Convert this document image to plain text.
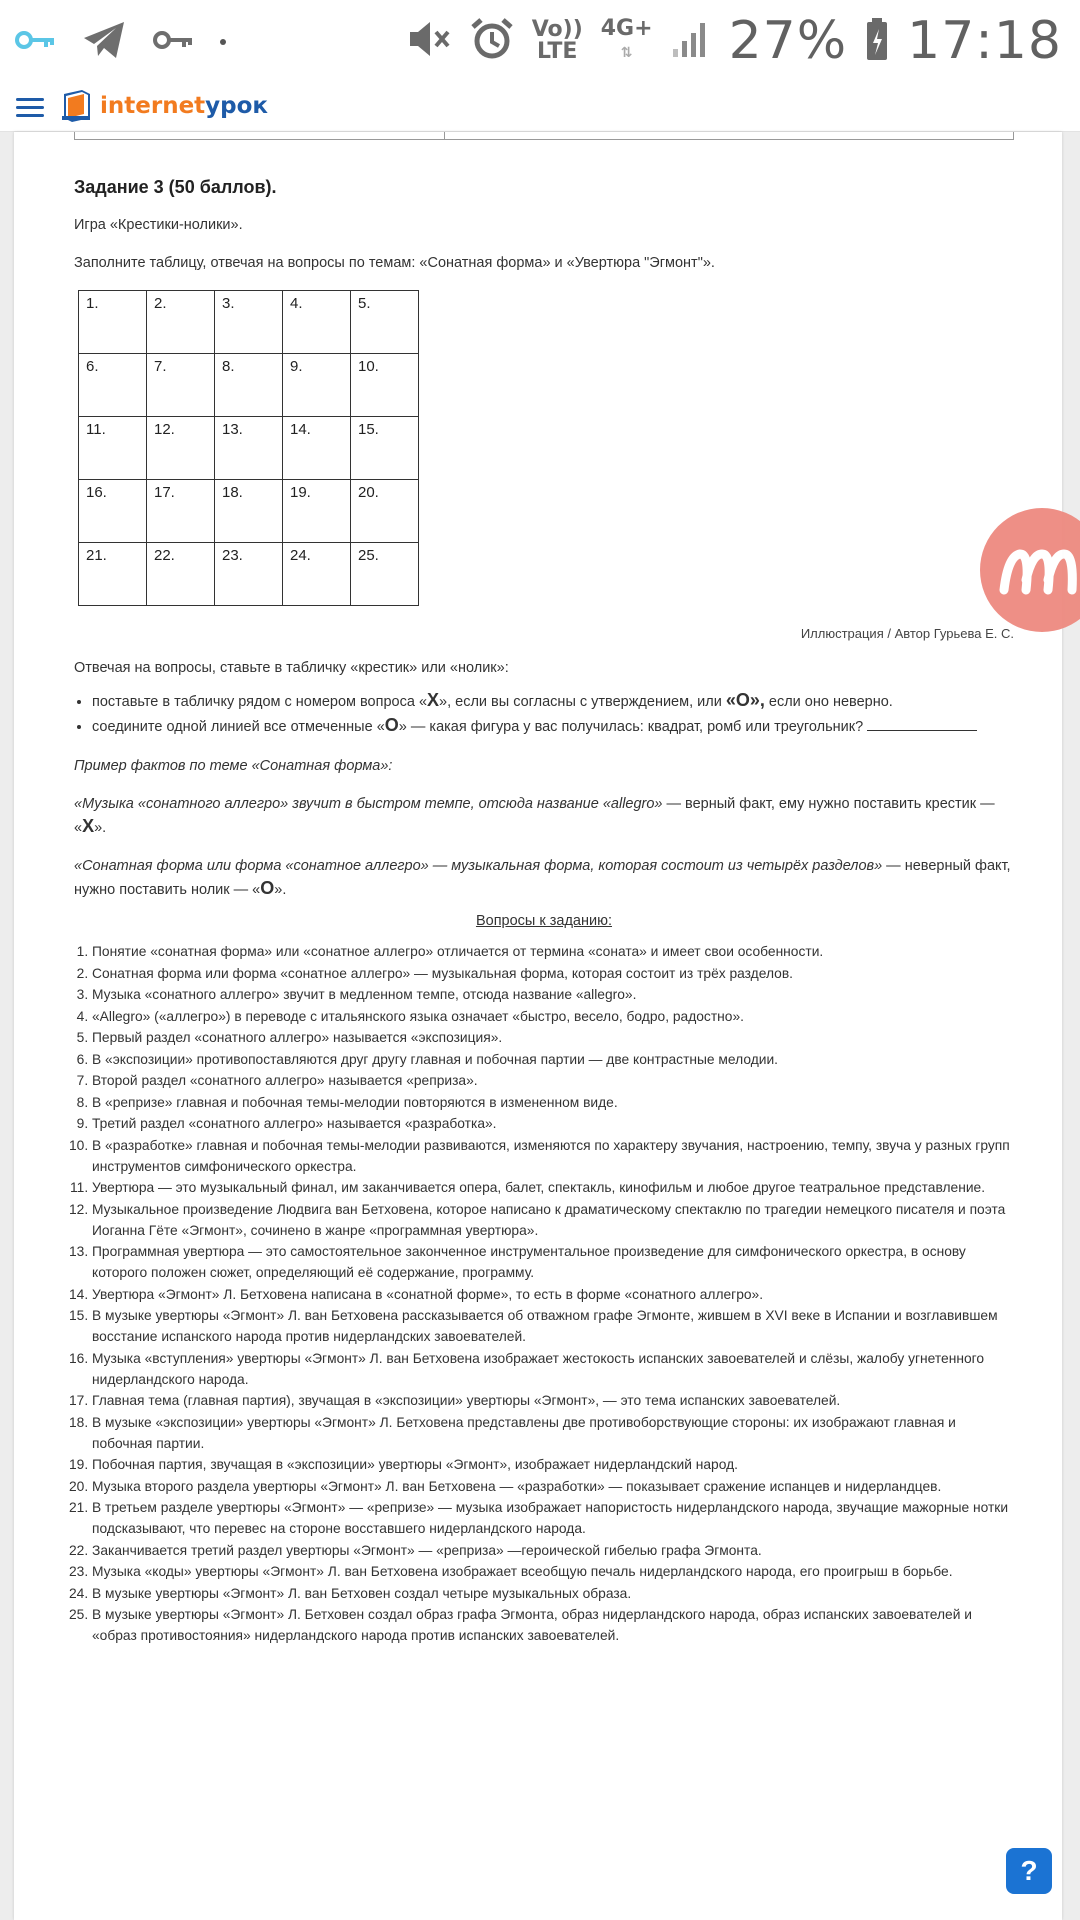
Vo))
LTE
4G+
⇅	27% 17:18
internetурок
Задание 3 (50 баллов).
Игра «Крестики-нолики».
Заполните таблицу, отвечая на вопросы по темам: «Сонатная форма» и «Увертюра "Эгмонт"».
1.	2.	3.	4.	5.
6.	7.	8.	9.	10.
11.	12.	13.	14.	15.
16.	17.	18.	19.	20.
21.	22.	23.	24.	25.
Иллюстрация / Автор Гурьева Е. С.
Отвечая на вопросы, ставьте в табличку «крестик» или «нолик»:
• поставьте в табличку рядом с номером вопроса «Х», если вы согласны с утверждением, или «О», если оно неверно.
• соедините одной линией все отмеченные «О» — какая фигура у вас получилась: квадрат, ромб или треугольник?
Пример фактов по теме «Сонатная форма»:
«Музыка «сонатного аллегро» звучит в быстром темпе, отсюда название «allegro» — верный факт, ему нужно поставить крестик — «Х».
«Сонатная форма или форма «сонатное аллегро» — музыкальная форма, которая состоит из четырёх разделов» — неверный факт, нужно поставить нолик — «О».
Вопросы к заданию:
1. Понятие «сонатная форма» или «сонатное аллегро» отличается от термина «соната» и имеет свои особенности.
2. Сонатная форма или форма «сонатное аллегро» — музыкальная форма, которая состоит из трёх разделов.
3. Музыка «сонатного аллегро» звучит в медленном темпе, отсюда название «allegro».
4. «Allegro» («аллегро») в переводе с итальянского языка означает «быстро, весело, бодро, радостно».
5. Первый раздел «сонатного аллегро» называется «экспозиция».
6. В «экспозиции» противопоставляются друг другу главная и побочная партии — две контрастные мелодии.
7. Второй раздел «сонатного аллегро» называется «реприза».
8. В «репризе» главная и побочная темы-мелодии повторяются в измененном виде.
9. Третий раздел «сонатного аллегро» называется «разработка».
10. В «разработке» главная и побочная темы-мелодии развиваются, изменяются по характеру звучания, настроению, темпу, звуча у разных групп инструментов симфонического оркестра.
11. Увертюра — это музыкальный финал, им заканчивается опера, балет, спектакль, кинофильм и любое другое театральное представление.
12. Музыкальное произведение Людвига ван Бетховена, которое написано к драматическому спектаклю по трагедии немецкого писателя и поэта Иоганна Гёте «Эгмонт», сочинено в жанре «программная увертюра».
13. Программная увертюра — это самостоятельное законченное инструментальное произведение для симфонического оркестра, в основу которого положен сюжет, определяющий её содержание, программу.
14. Увертюра «Эгмонт» Л. Бетховена написана в «сонатной форме», то есть в форме «сонатного аллегро».
15. В музыке увертюры «Эгмонт» Л. ван Бетховена рассказывается об отважном графе Эгмонте, жившем в XVI веке в Испании и возглавившем восстание испанского народа против нидерландских завоевателей.
16. Музыка «вступления» увертюры «Эгмонт» Л. ван Бетховена изображает жестокость испанских завоевателей и слёзы, жалобу угнетенного нидерландского народа.
17. Главная тема (главная партия), звучащая в «экспозиции» увертюры «Эгмонт», — это тема испанских завоевателей.
18. В музыке «экспозиции» увертюры «Эгмонт» Л. Бетховена представлены две противоборствующие стороны: их изображают главная и побочная партии.
19. Побочная партия, звучащая в «экспозиции» увертюры «Эгмонт», изображает нидерландский народ.
20. Музыка второго раздела увертюры «Эгмонт» Л. ван Бетховена — «разработки» — показывает сражение испанцев и нидерландцев.
21. В третьем разделе увертюры «Эгмонт» — «репризе» — музыка изображает напористость нидерландского народа, звучащие мажорные нотки подсказывают, что перевес на стороне восставшего нидерландского народа.
22. Заканчивается третий раздел увертюры «Эгмонт» — «реприза» —героической гибелью графа Эгмонта.
23. Музыка «коды» увертюры «Эгмонт» Л. ван Бетховена изображает всеобщую печаль нидерландского народа, его проигрыш в борьбе.
24. В музыке увертюры «Эгмонт» Л. ван Бетховен создал четыре музыкальных образа.
25. В музыке увертюры «Эгмонт» Л. Бетховен создал образ графа Эгмонта, образ нидерландского народа, образ испанских завоевателей и «образ противостояния» нидерландского народа против испанских завоевателей.
?
